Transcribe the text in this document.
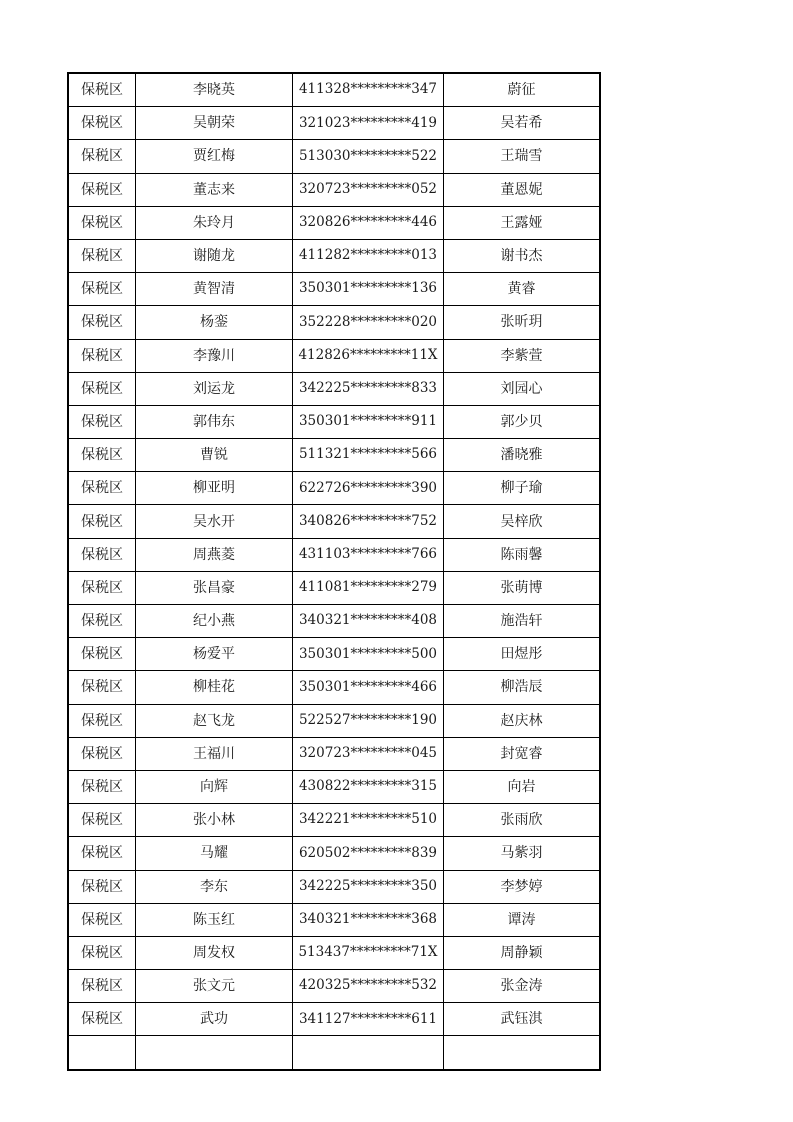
保税区	李晓英	411328*********347	蔚征
保税区	吴朝荣	321023*********419	吴若希
保税区	贾红梅	513030*********522	王瑞雪
保税区	董志来	320723*********052	董恩妮
保税区	朱玲月	320826*********446	王露娅
保税区	谢随龙	411282*********013	谢书杰
保税区	黄智清	350301*********136	黄睿
保税区	杨銮	352228*********020	张昕玥
保税区	李豫川	412826*********11X	李紫萱
保税区	刘运龙	342225*********833	刘园心
保税区	郭伟东	350301*********911	郭少贝
保税区	曹锐	511321*********566	潘晓雅
保税区	柳亚明	622726*********390	柳子瑜
保税区	吴水开	340826*********752	吴梓欣
保税区	周燕菱	431103*********766	陈雨馨
保税区	张昌豪	411081*********279	张萌博
保税区	纪小燕	340321*********408	施浩轩
保税区	杨爱平	350301*********500	田煜彤
保税区	柳桂花	350301*********466	柳浩辰
保税区	赵飞龙	522527*********190	赵庆林
保税区	王福川	320723*********045	封宽睿
保税区	向辉	430822*********315	向岩
保税区	张小林	342221*********510	张雨欣
保税区	马耀	620502*********839	马紫羽
保税区	李东	342225*********350	李梦婷
保税区	陈玉红	340321*********368	谭涛
保税区	周发权	513437*********71X	周静颖
保税区	张文元	420325*********532	张金涛
保税区	武功	341127*********611	武钰淇
